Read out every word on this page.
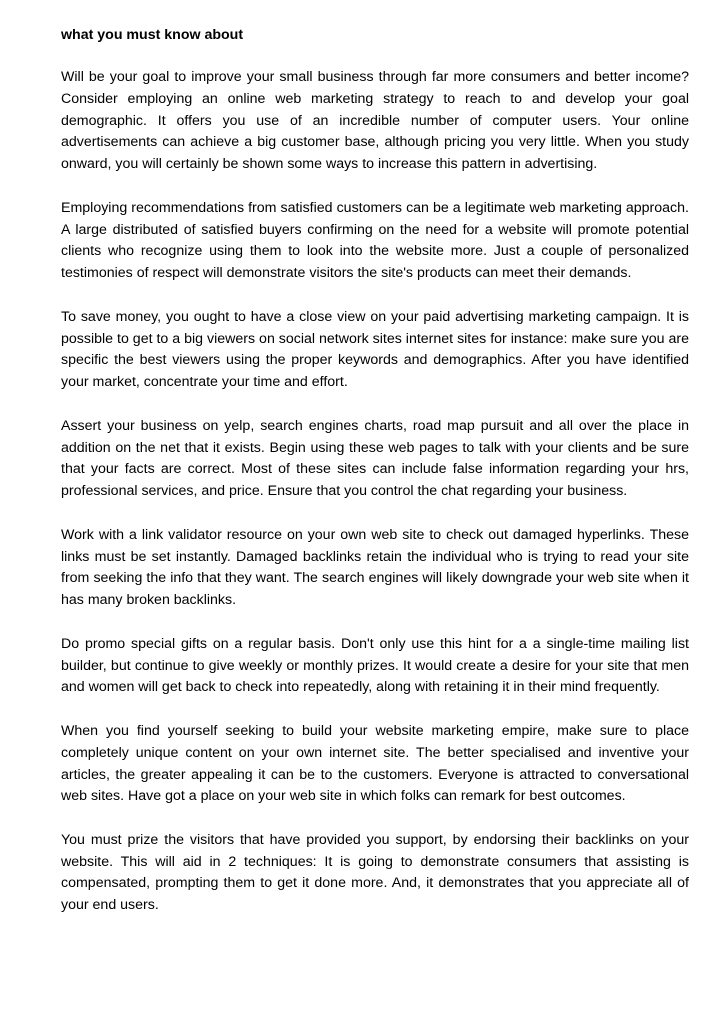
what you must know about

Will be your goal to improve your small business through far more consumers and better income? Consider employing an online web marketing strategy to reach to and develop your goal demographic. It offers you use of an incredible number of computer users. Your online advertisements can achieve a big customer base, although pricing you very little. When you study onward, you will certainly be shown some ways to increase this pattern in advertising.

Employing recommendations from satisfied customers can be a legitimate web marketing approach. A large distributed of satisfied buyers confirming on the need for a website will promote potential clients who recognize using them to look into the website more. Just a couple of personalized testimonies of respect will demonstrate visitors the site's products can meet their demands.

To save money, you ought to have a close view on your paid advertising marketing campaign. It is possible to get to a big viewers on social network sites internet sites for instance: make sure you are specific the best viewers using the proper keywords and demographics. After you have identified your market, concentrate your time and effort.

Assert your business on yelp, search engines charts, road map pursuit and all over the place in addition on the net that it exists. Begin using these web pages to talk with your clients and be sure that your facts are correct. Most of these sites can include false information regarding your hrs, professional services, and price. Ensure that you control the chat regarding your business.

Work with a link validator resource on your own web site to check out damaged hyperlinks. These links must be set instantly. Damaged backlinks retain the individual who is trying to read your site from seeking the info that they want. The search engines will likely downgrade your web site when it has many broken backlinks.

Do promo special gifts on a regular basis. Don't only use this hint for a a single-time mailing list builder, but continue to give weekly or monthly prizes. It would create a desire for your site that men and women will get back to check into repeatedly, along with retaining it in their mind frequently.

When you find yourself seeking to build your website marketing empire, make sure to place completely unique content on your own internet site. The better specialised and inventive your articles, the greater appealing it can be to the customers. Everyone is attracted to conversational web sites. Have got a place on your web site in which folks can remark for best outcomes.

You must prize the visitors that have provided you support, by endorsing their backlinks on your website. This will aid in 2 techniques: It is going to demonstrate consumers that assisting is compensated, prompting them to get it done more. And, it demonstrates that you appreciate all of your end users.
